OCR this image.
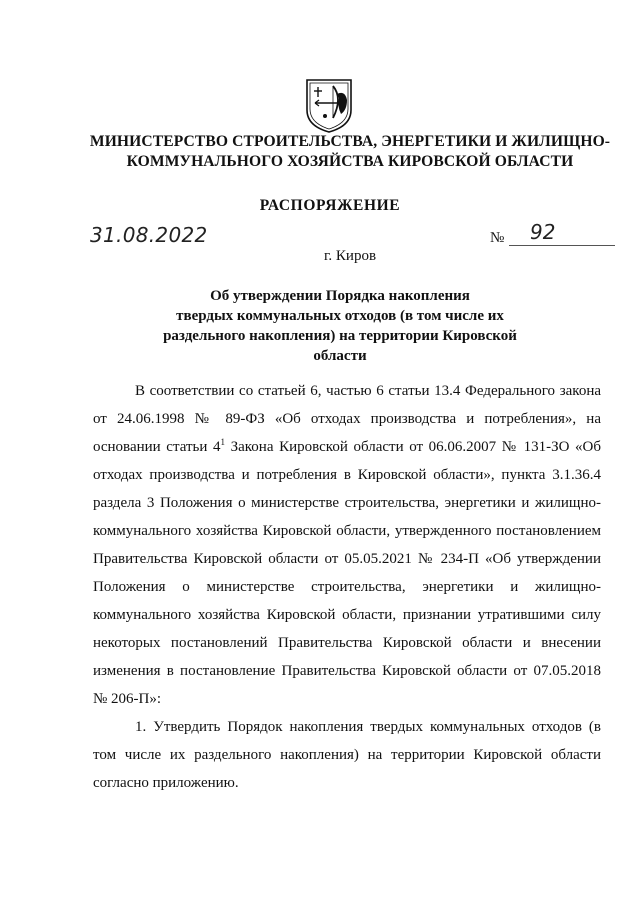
МИНИСТЕРСТВО СТРОИТЕЛЬСТВА, ЭНЕРГЕТИКИ И ЖИЛИЩНО-
КОММУНАЛЬНОГО ХОЗЯЙСТВА КИРОВСКОЙ ОБЛАСТИ
РАСПОРЯЖЕНИЕ
31.08.2022	№ 92
г. Киров
Об утверждении Порядка накопления
твердых коммунальных отходов (в том числе их
раздельного накопления) на территории Кировской
области

В соответствии со статьей 6, частью 6 статьи 13.4 Федерального закона от 24.06.1998 № 89-ФЗ «Об отходах производства и потребления», на основании статьи $4^1$ Закона Кировской области от 06.06.2007 № 131-ЗО «Об отходах производства и потребления в Кировской области», пункта 3.1.36.4 раздела 3 Положения о министерстве строительства, энергетики и жилищно-коммунального хозяйства Кировской области, утвержденного постановлением Правительства Кировской области от 05.05.2021 № 234-П «Об утверждении Положения о министерстве строительства, энергетики и жилищно-коммунального хозяйства Кировской области, признании утратившими силу некоторых постановлений Правительства Кировской области и внесении изменения в постановление Правительства Кировской области от 07.05.2018 № 206-П»:

1. Утвердить Порядок накопления твердых коммунальных отходов (в том числе их раздельного накопления) на территории Кировской области согласно приложению.
